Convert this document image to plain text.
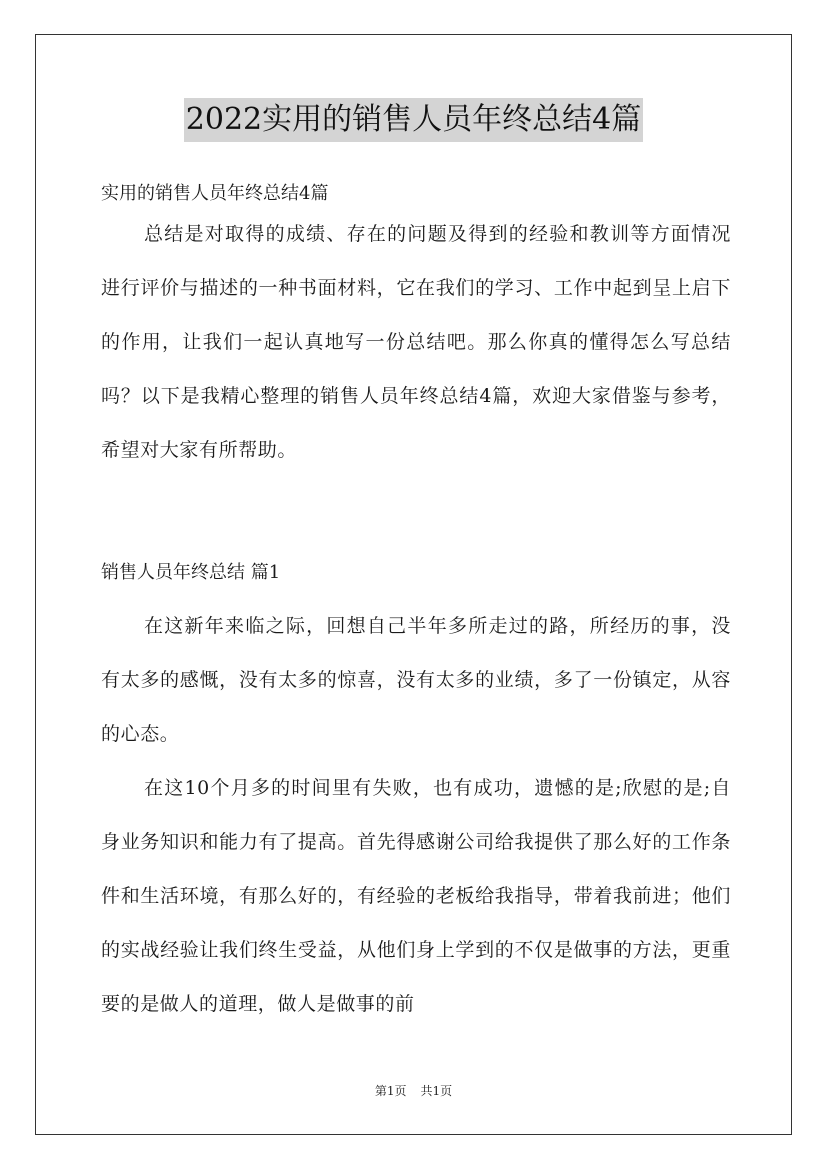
2022实用的销售人员年终总结4篇
实用的销售人员年终总结4篇

总结是对取得的成绩、存在的问题及得到的经验和教训等方面情况进行评价与描述的一种书面材料，它在我们的学习、工作中起到呈上启下的作用，让我们一起认真地写一份总结吧。那么你真的懂得怎么写总结吗？以下是我精心整理的销售人员年终总结4篇，欢迎大家借鉴与参考，希望对大家有所帮助。

销售人员年终总结 篇1

在这新年来临之际，回想自己半年多所走过的路，所经历的事，没有太多的感慨，没有太多的惊喜，没有太多的业绩，多了一份镇定，从容的心态。

在这10个月多的时间里有失败，也有成功，遗憾的是;欣慰的是;自身业务知识和能力有了提高。首先得感谢公司给我提供了那么好的工作条件和生活环境，有那么好的，有经验的老板给我指导，带着我前进；他们的实战经验让我们终生受益，从他们身上学到的不仅是做事的方法，更重要的是做人的道理，做人是做事的前

第1页 共1页
